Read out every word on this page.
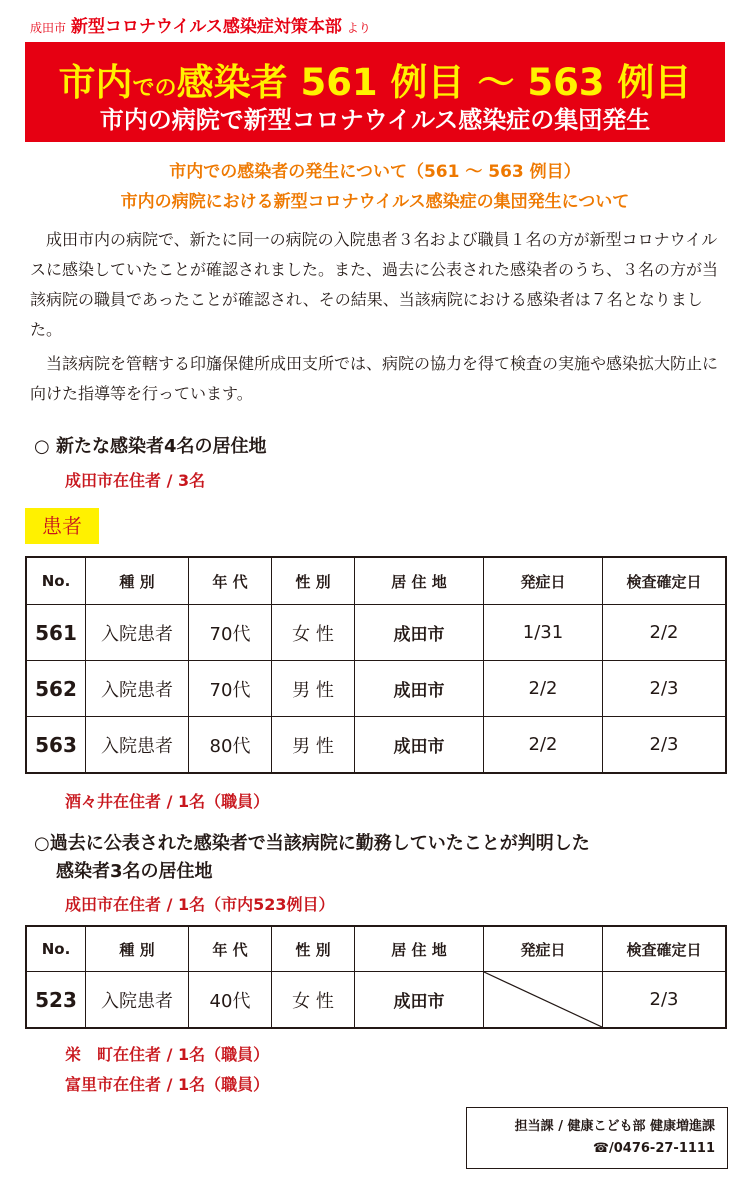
成田市 新型コロナウイルス感染症対策本部 より
市内での感染者 561 例目 ～ 563 例目
市内の病院で新型コロナウイルス感染症の集団発生
市内での感染者の発生について（561 ～ 563 例目）
市内の病院における新型コロナウイルス感染症の集団発生について

成田市内の病院で、新たに同一の病院の入院患者３名および職員１名の方が新型コロナウイルスに感染していたことが確認されました。また、過去に公表された感染者のうち、３名の方が当該病院の職員であったことが確認され、その結果、当該病院における感染者は７名となりました。

当該病院を管轄する印旛保健所成田支所では、病院の協力を得て検査の実施や感染拡大防止に向けた指導等を行っています。

○ 新たな感染者4名の居住地
成田市在住者 / 3名
患者
No.	種 別	年 代	性 別	居 住 地	発症日	検査確定日
561	入院患者	70代	女 性	成田市	1/31	2/2
562	入院患者	70代	男 性	成田市	2/2	2/3
563	入院患者	80代	男 性	成田市	2/2	2/3
酒々井在住者 / 1名（職員）
○過去に公表された感染者で当該病院に勤務していたことが判明した
感染者3名の居住地
成田市在住者 / 1名（市内523例目）
No.	種 別	年 代	性 別	居 住 地	発症日	検査確定日
523	入院患者	40代	女 性	成田市		2/3
栄　町在住者 / 1名（職員）
富里市在住者 / 1名（職員）
担当課 / 健康こども部 健康増進課
☎/0476-27-1111
